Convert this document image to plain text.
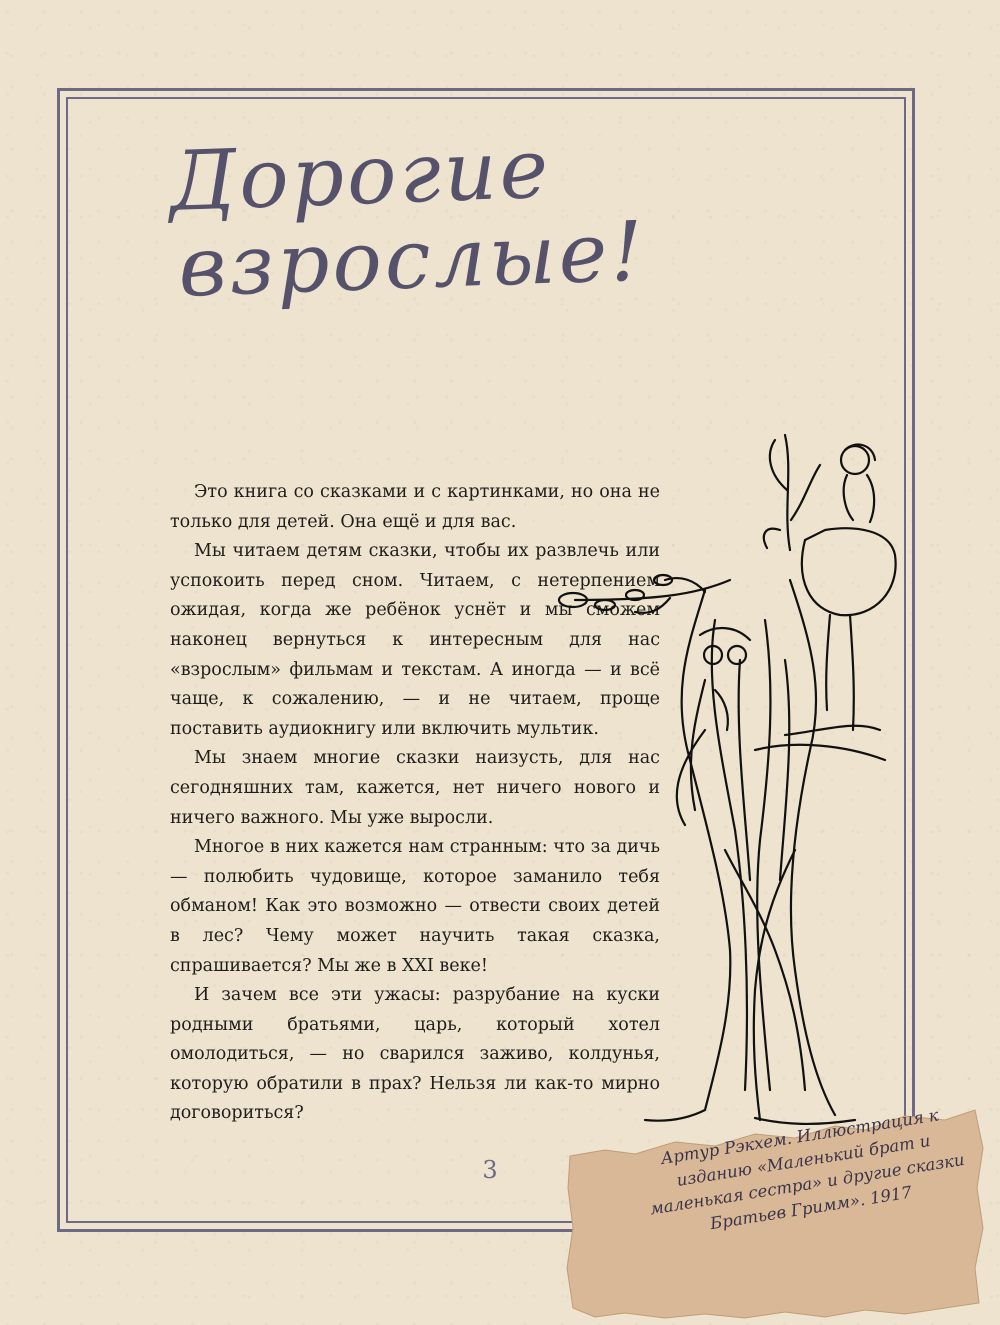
Дорогие
взрослые!

Это книга со сказками и с картинками, но она не только для детей. Она ещё и для вас.

Мы читаем детям сказки, чтобы их развлечь или успокоить перед сном. Читаем, с нетерпением ожидая, когда же ребёнок уснёт и мы сможем наконец вернуться к интересным для нас «взрослым» фильмам и текстам. А иногда — и всё чаще, к сожалению, — и не читаем, проще поставить аудиокнигу или включить мультик.

Мы знаем многие сказки наизусть, для нас сегодняшних там, кажется, нет ничего нового и ничего важного. Мы уже выросли.

Многое в них кажется нам странным: что за дичь — полюбить чудовище, которое заманило тебя обманом! Как это возможно — отвести своих детей в лес? Чему может научить такая сказка, спрашивается? Мы же в XXI веке!

И зачем все эти ужасы: разрубание на куски родными братьями, царь, который хотел омолодиться, — но сварился заживо, колдунья, которую обратили в прах? Нельзя ли как-то мирно договориться?

3
Артур Рэкхем. Иллюстрация к изданию «Маленький брат и маленькая сестра» и другие сказки Братьев Гримм». 1917
